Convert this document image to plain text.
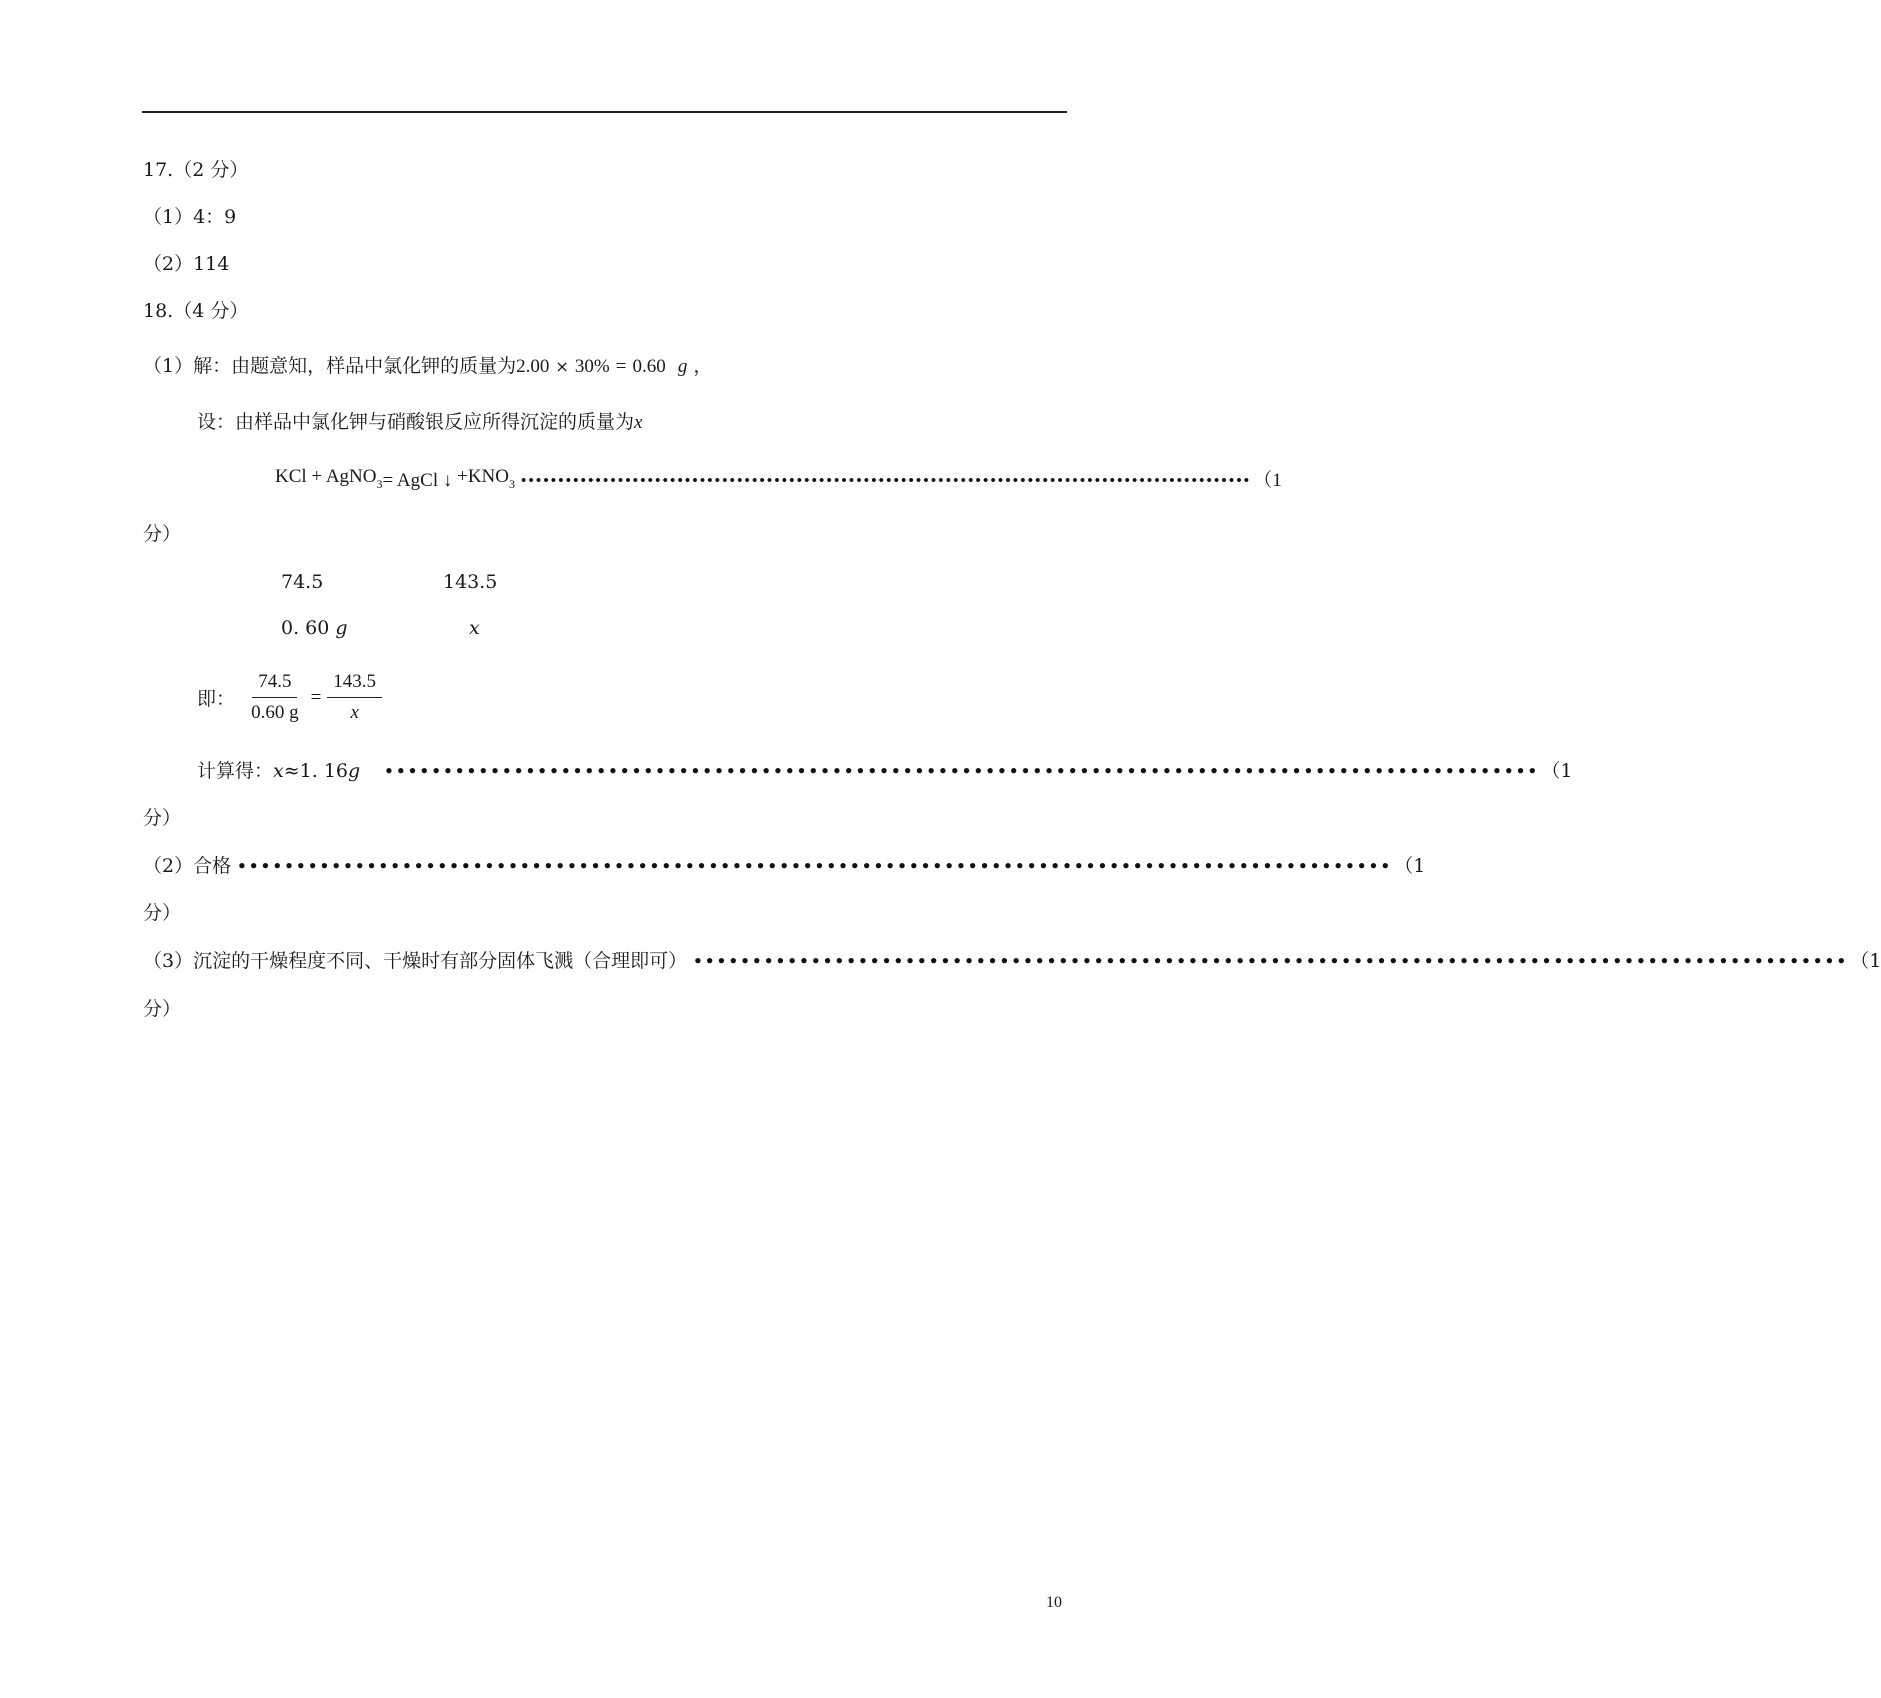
17.（2 分）
（1）4：9
（2）114
18.（4 分）
（1）解：由题意知，样品中氯化钾的质量为2.00 × 30% = 0.60 g ，
设：由样品中氯化钾与硝酸银反应所得沉淀的质量为x
KCl + AgNO$_3$ = AgCl
↓
$+KNO_3$ •••••••••••••••••••••••••••••••••••••••••••••••••••••••••••••••••••••••••••••••••••••••••••••••••• （1
分）
74.5	143.5
0. 60 g	x
即： $\frac{74.5}{0.60 g} = \frac{143.5}{x}$
计算得： x ≈1. 16 g	•••••••••••••••••••••••••••••••••••••••••••••••••••••••••••••••••••••••••••••••••••••••••••••••••• （1
分）
（2）合格 •••••••••••••••••••••••••••••••••••••••••••••••••••••••••••••••••••••••••••••••••••••••••••••••••• （1
分）
（3）沉淀的干燥程度不同、干燥时有部分固体飞溅（合理即可） •••••••••••••••••••••••••••••••••••••••••••••••••••••••••••••••••••••••••••••••••••••••••••••••••• （1
分）
10
